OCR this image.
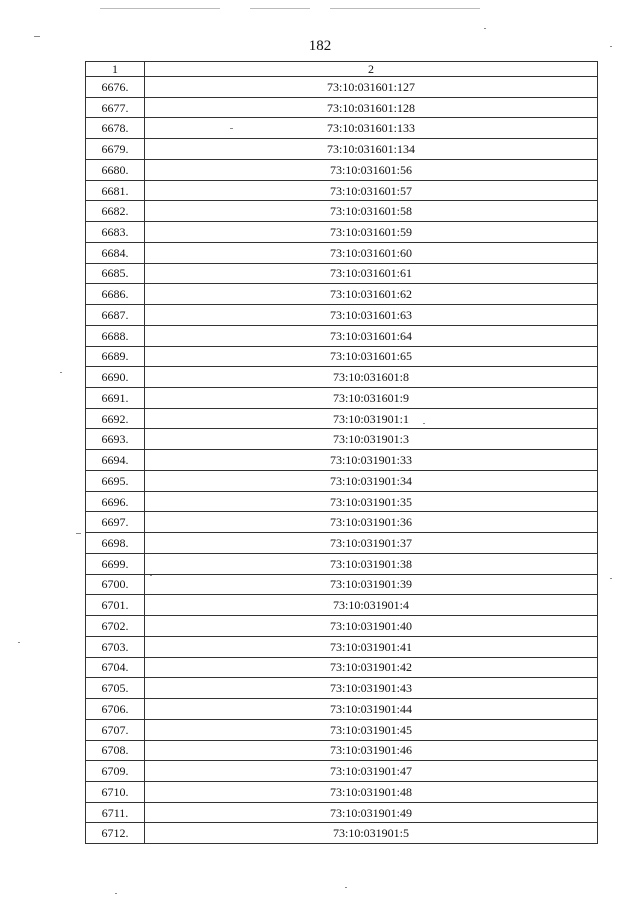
182
1	2
6676.	73:10:031601:127
6677.	73:10:031601:128
6678.	73:10:031601:133
6679.	73:10:031601:134
6680.	73:10:031601:56
6681.	73:10:031601:57
6682.	73:10:031601:58
6683.	73:10:031601:59
6684.	73:10:031601:60
6685.	73:10:031601:61
6686.	73:10:031601:62
6687.	73:10:031601:63
6688.	73:10:031601:64
6689.	73:10:031601:65
6690.	73:10:031601:8
6691.	73:10:031601:9
6692.	73:10:031901:1
6693.	73:10:031901:3
6694.	73:10:031901:33
6695.	73:10:031901:34
6696.	73:10:031901:35
6697.	73:10:031901:36
6698.	73:10:031901:37
6699.	73:10:031901:38
6700.	73:10:031901:39
6701.	73:10:031901:4
6702.	73:10:031901:40
6703.	73:10:031901:41
6704.	73:10:031901:42
6705.	73:10:031901:43
6706.	73:10:031901:44
6707.	73:10:031901:45
6708.	73:10:031901:46
6709.	73:10:031901:47
6710.	73:10:031901:48
6711.	73:10:031901:49
6712.	73:10:031901:5
